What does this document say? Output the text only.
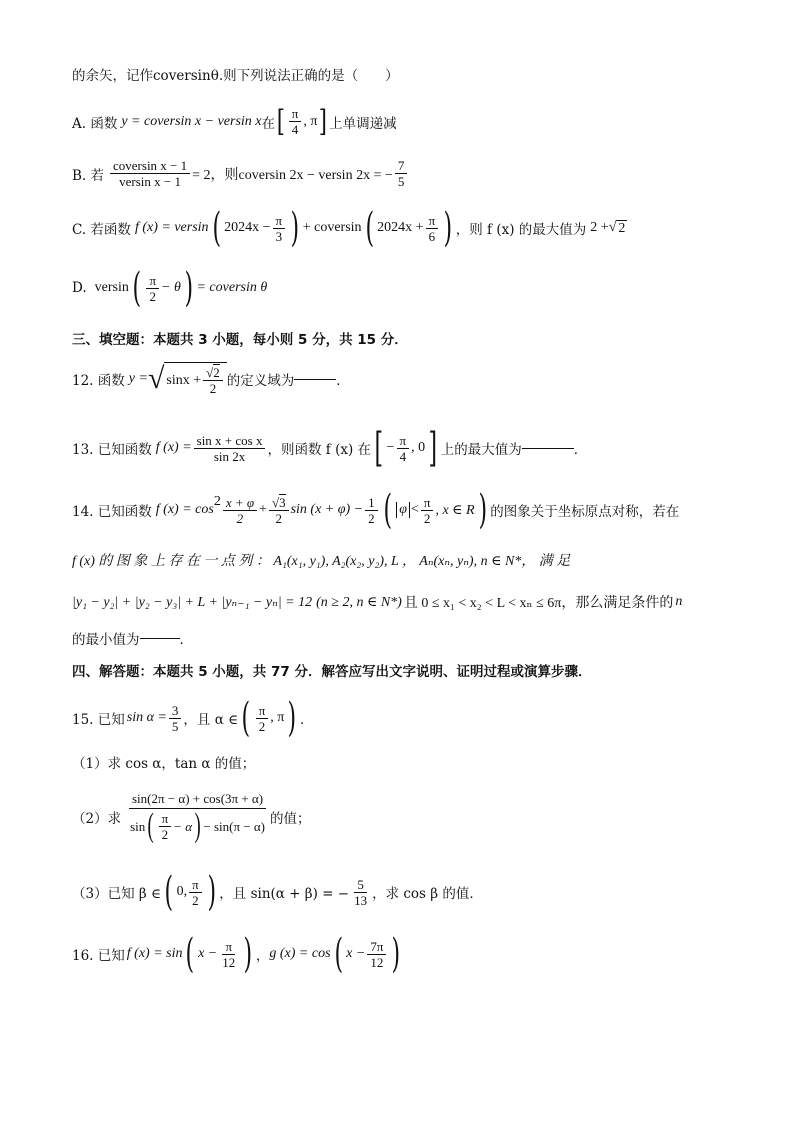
的余矢，记作coversinθ.则下列说法正确的是（　　）
A. 函数 y = coversin x − versin x 在 [ $\frac{\pi}{4}$ , π ] 上单调递减
B. 若 $\frac{\text{coversin x − 1}}{\text{versin x − 1}} = 2$，则coversin 2x − versin 2x = − $\frac{7}{5}$
C. 若函数 f (x) = versin ( $2024x - \frac{\pi}{3}$ ) + coversin ( $2024x + \frac{\pi}{6}$ ) ，则 f (x) 的最大值为 2 + √ 2
D. versin ( $\frac{\pi}{2} - \theta$ ) = coversin θ
三、填空题：本题共 3 小题，每小则 5 分，共 15 分．
12. 函数 y = √ $\sin x + \frac{√2}{2}$ 的定义域为	．
13. 已知函数 f $(x) = \frac{\text{sin x + cos x}}{\sin 2x}$ ，则函数 f (x) 在 [ − $\frac{\pi}{4}$ , 0 ] 上的最大值为	．
14. 已知函数 f (x) = cos
$2 \frac{x + \varphi}{2} + \frac{√3}{2}$ $\sin (x + \varphi) - \frac{1}{2}$ ( $\varphi < \frac{\pi}{2}$ , x ∈ R ) 的图象关于坐标原点对称，若在
f (x) 的 图 象 上 存 在 一 点 列 ： A₁(x₁, y₁), A₂(x₂, y₂), L ， Aₙ(xₙ, yₙ), n ∈ N*， 满 足
|y₁ − y₂| + |y₂ − y₃| + L + |yₙ₋₁ − yₙ| = 12 (n ≥ 2, n ∈ N*) 且 0 ≤ x₁ < x₂ < L < xₙ ≤ 6π，那么满足条件的 n
的最小值为	．
四、解答题：本题共 5 小题，共 77 分．解答应写出文字说明、证明过程或演算步骤．
15. 已知 $\sin \alpha = \frac{3}{5}$ ，且 α ∈ ( $\frac{\pi}{2}$ , π ) ．
（1）求 cos α，tan α 的值；
（2）求 $\frac{\sin(2\pi - \alpha) + \cos(3\pi + \alpha)}{\sin ( \frac{\pi}{2} - \alpha ) - \sin(\pi - \alpha)}$ 的值；
（3）已知 β ∈ ( 0, $\frac{\pi}{2}$ ) ，且 sin(α + β) = − $\frac{5}{13}$ ，求 cos β 的值．
16. 已知 f (x) = sin ( $x - \frac{\pi}{12}$ ) ， g (x) = cos ( $x - \frac{7\pi}{12}$ )
